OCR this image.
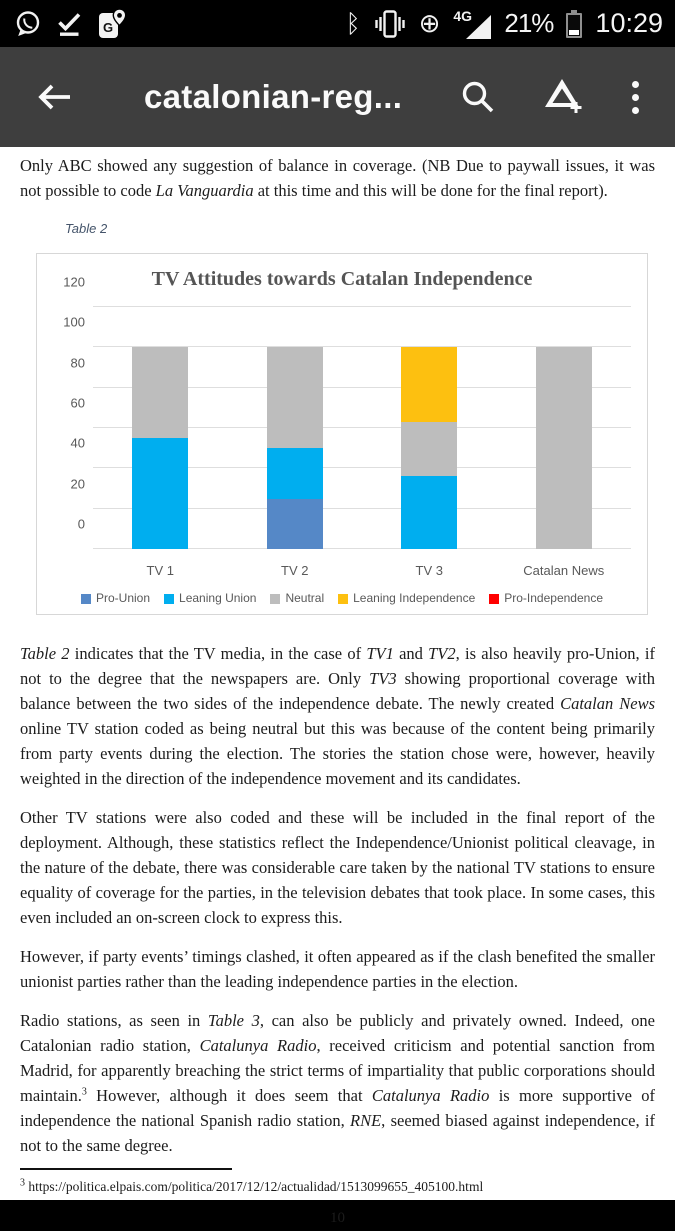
G	ᛒ ⊕ 4G 21% 10:29
catalonian-reg...

Only ABC showed any suggestion of balance in coverage. (NB Due to paywall issues, it was not possible to code La Vanguardia at this time and this will be done for the final report).

Table 2
TV Attitudes towards Catalan Independence
0
20
40
60
80
100
120
TV 1	TV 2	TV 3	Catalan News
Pro-Union Leaning Union Neutral Leaning Independence Pro-Independence

Table 2 indicates that the TV media, in the case of TV1 and TV2, is also heavily pro-Union, if not to the degree that the newspapers are. Only TV3 showing proportional coverage with balance between the two sides of the independence debate. The newly created Catalan News online TV station coded as being neutral but this was because of the content being primarily from party events during the election. The stories the station chose were, however, heavily weighted in the direction of the independence movement and its candidates.

Other TV stations were also coded and these will be included in the final report of the deployment. Although, these statistics reflect the Independence/Unionist political cleavage, in the nature of the debate, there was considerable care taken by the national TV stations to ensure equality of coverage for the parties, in the television debates that took place. In some cases, this even included an on-screen clock to express this.

However, if party events’ timings clashed, it often appeared as if the clash benefited the smaller unionist parties rather than the leading independence parties in the election.

Radio stations, as seen in Table 3, can also be publicly and privately owned. Indeed, one Catalonian radio station, Catalunya Radio, received criticism and potential sanction from Madrid, for apparently breaching the strict terms of impartiality that public corporations should maintain.$^3$ However, although it does seem that Catalunya Radio is more supportive of independence the national Spanish radio station, RNE, seemed biased against independence, if not to the same degree.

$^3$ https://politica.elpais.com/politica/2017/12/12/actualidad/1513099655_405100.html
10
